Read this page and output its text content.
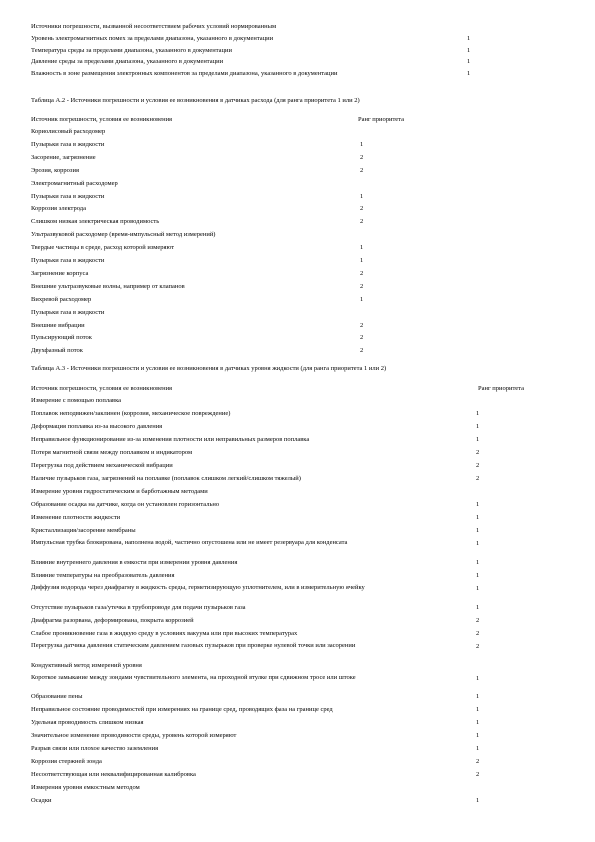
Источники погрешности, вызванной несоответствием рабочих условий нормированным
Уровень электромагнитных помех за пределами диапазона, указанного в документации	1
Температура среды за пределами диапазона, указанного в документации	1
Давление среды за пределами диапазона, указанного в документации	1
Влажность в зоне размещения электронных компонентов за пределами диапазона, указанного в документации	1
Таблица А.2 - Источники погрешности и условия ее возникновения в датчиках расхода (для ранга приоритета 1 или 2)
Источник погрешности, условия ее возникновения	Ранг приоритета
Кориолисовый расходомер
Пузырьки газа в жидкости	1
Засорение, загрязнение	2
Эрозия, коррозия	2
Электромагнитный расходомер
Пузырьки газа в жидкости	1
Коррозия электрода	2
Слишком низкая электрическая проводимость	2
Ультразвуковой расходомер (время-импульсный метод измерений)
Твердые частицы в среде, расход которой измеряют	1
Пузырьки газа в жидкости	1
Загрязнение корпуса	2
Внешние ультразвуковые волны, например от клапанов	2
Вихревой расходомер	1
Пузырьки газа в жидкости
Внешние вибрации	2
Пульсирующий поток	2
Двухфазный поток	2
Таблица А.3 - Источники погрешности и условия ее возникновения в датчиках уровня жидкости (для ранга приоритета 1 или 2)
Источник погрешности, условия ее возникновения	Ранг приоритета
Измерение с помощью поплавка
Поплавок неподвижен/заклинен (коррозия, механическое повреждение)	1
Деформация поплавка из-за высокого давления	1
Неправильное функционирование из-за изменения плотности или неправильных размеров поплавка	1
Потеря магнитной связи между поплавком и индикатором	2
Перегрузка под действием механической вибрации	2
Наличие пузырьков газа, загрязнений на поплавке (поплавок слишком легкий/слишком тяжелый)	2
Измерение уровня гидростатическим и барботажным методами
Образование осадка на датчике, когда он установлен горизонтально	1
Изменение плотности жидкости	1
Кристаллизация/засорение мембраны	1
Импульсная трубка блокирована, наполнена водой, частично опустошена или не имеет резервуара для конденсата	1
Влияние внутреннего давления в емкости при измерении уровня давления	1
Влияние температуры на преобразователь давления	1
Диффузия водорода через диафрагму в жидкость среды, герметизирующую уплотнителем, или в измерительную ячейку	1
Отсутствие пузырьков газа/утечка в трубопроводе для подачи пузырьков газа	1
Диафрагма разорвана, деформирована, покрыта коррозией	2
Слабое проникновение газа в жидкую среду в условиях вакуума или при высоких температурах	2
Перегрузка датчика давления статическим давлением газовых пузырьков при проверке нулевой точки или засорении	2
Кондуктивный метод измерений уровня
Короткое замыкание между зондами чувствительного элемента, на проходной втулке при сдвижном тросе или штоке	1
Образование пены	1
Неправильное состояние проводимостей при измерениях на границе сред, проводящих фаза на границе сред	1
Удельная проводимость слишком низкая	1
Значительное изменение проводимости среды, уровень которой измеряют	1
Разрыв связи или плохое качество заземления	1
Коррозия стержней зонда	2
Несоответствующая или неквалифицированная калибровка	2
Измерения уровня емкостным методом
Осадки	1
